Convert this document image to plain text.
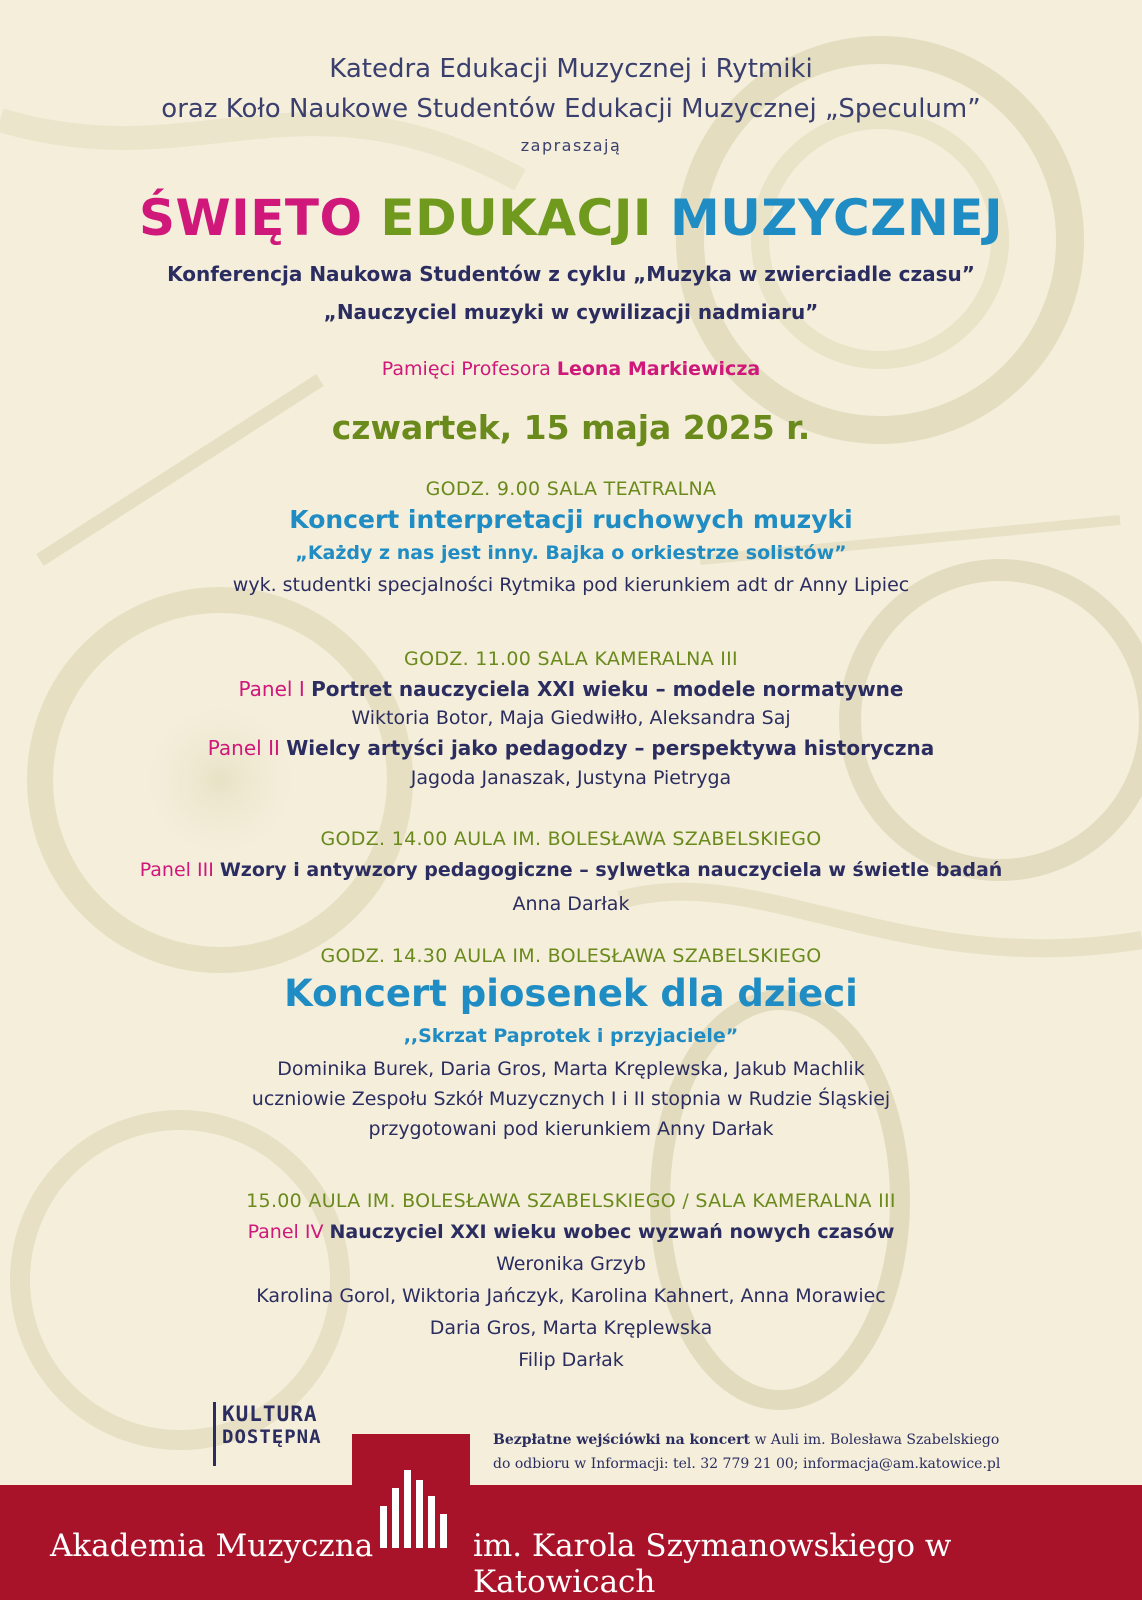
Katedra Edukacji Muzycznej i Rytmiki
oraz Koło Naukowe Studentów Edukacji Muzycznej „Speculum”
zapraszają
ŚWIĘTO EDUKACJI MUZYCZNEJ
Konferencja Naukowa Studentów z cyklu „Muzyka w zwierciadle czasu”
„Nauczyciel muzyki w cywilizacji nadmiaru”
Pamięci Profesora Leona Markiewicza
czwartek, 15 maja 2025 r.
GODZ. 9.00 SALA TEATRALNA
Koncert interpretacji ruchowych muzyki
„Każdy z nas jest inny. Bajka o orkiestrze solistów”
wyk. studentki specjalności Rytmika pod kierunkiem adt dr Anny Lipiec
GODZ. 11.00 SALA KAMERALNA III
Panel I Portret nauczyciela XXI wieku – modele normatywne
Wiktoria Botor, Maja Giedwiłło, Aleksandra Saj
Panel II Wielcy artyści jako pedagodzy – perspektywa historyczna
Jagoda Janaszak, Justyna Pietryga
GODZ. 14.00 AULA IM. BOLESŁAWA SZABELSKIEGO
Panel III Wzory i antywzory pedagogiczne – sylwetka nauczyciela w świetle badań
Anna Darłak
GODZ. 14.30 AULA IM. BOLESŁAWA SZABELSKIEGO
Koncert piosenek dla dzieci
,,Skrzat Paprotek i przyjaciele”
Dominika Burek, Daria Gros, Marta Kręplewska, Jakub Machlik
uczniowie Zespołu Szkół Muzycznych I i II stopnia w Rudzie Śląskiej
przygotowani pod kierunkiem Anny Darłak
15.00 AULA IM. BOLESŁAWA SZABELSKIEGO / SALA KAMERALNA III
Panel IV Nauczyciel XXI wieku wobec wyzwań nowych czasów
Weronika Grzyb
Karolina Gorol, Wiktoria Jańczyk, Karolina Kahnert, Anna Morawiec
Daria Gros, Marta Kręplewska
Filip Darłak
KULTURA
DOSTĘPNA	Bezpłatne wejściówki na koncert w Auli im. Bolesława Szabelskiego
do odbioru w Informacji: tel. 32 779 21 00; informacja@am.katowice.pl
Akademia Muzyczna	im. Karola Szymanowskiego w Katowicach
